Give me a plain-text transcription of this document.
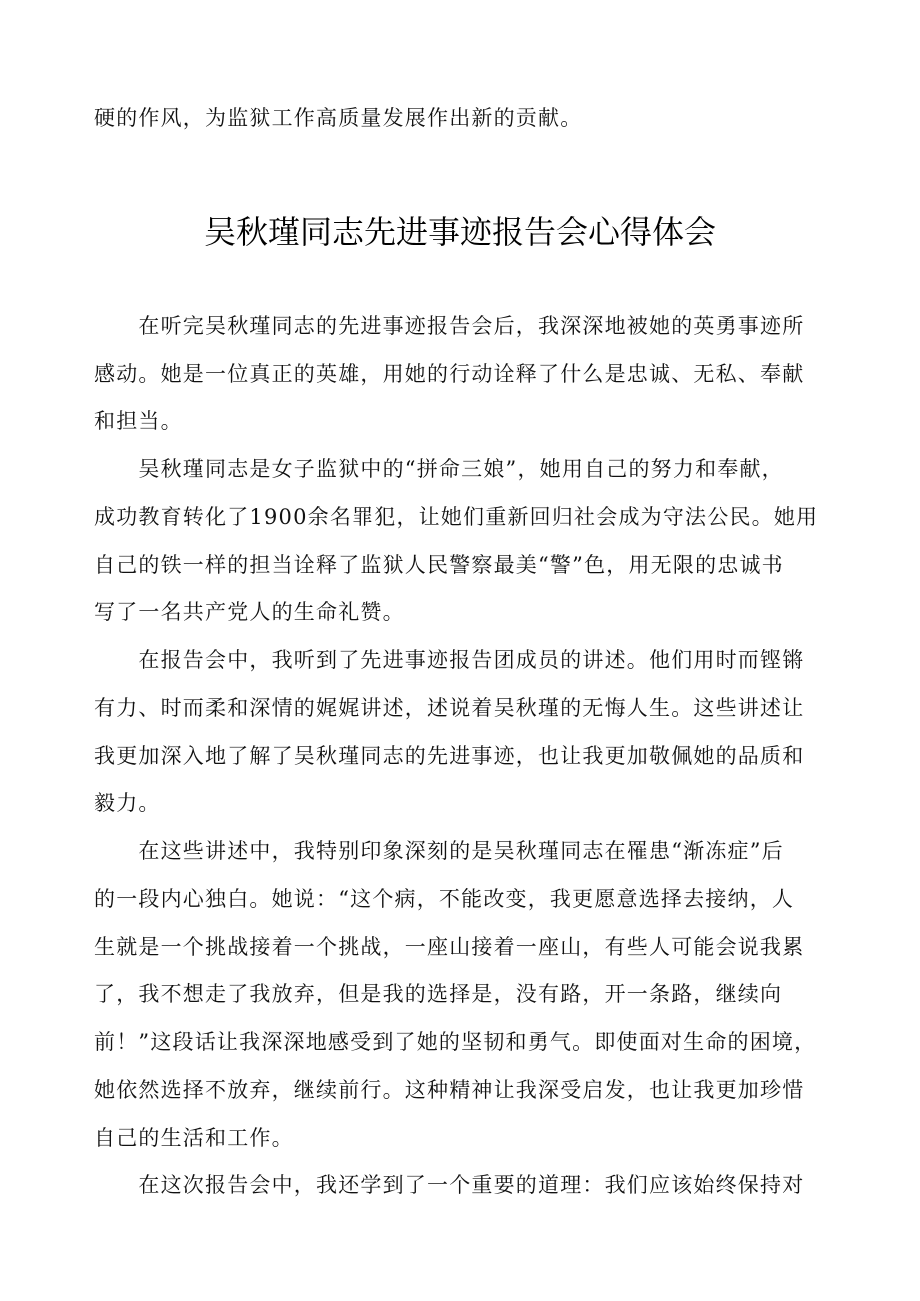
硬的作风，为监狱工作高质量发展作出新的贡献。
吴秋瑾同志先进事迹报告会心得体会
　　在听完吴秋瑾同志的先进事迹报告会后，我深深地被她的英勇事迹所
感动。她是一位真正的英雄，用她的行动诠释了什么是忠诚、无私、奉献
和担当。
　　吴秋瑾同志是女子监狱中的“拼命三娘”，她用自己的努力和奉献，
成功教育转化了1900余名罪犯，让她们重新回归社会成为守法公民。她用
自己的铁一样的担当诠释了监狱人民警察最美“警”色，用无限的忠诚书
写了一名共产党人的生命礼赞。
　　在报告会中，我听到了先进事迹报告团成员的讲述。他们用时而铿锵
有力、时而柔和深情的娓娓讲述，述说着吴秋瑾的无悔人生。这些讲述让
我更加深入地了解了吴秋瑾同志的先进事迹，也让我更加敬佩她的品质和
毅力。
　　在这些讲述中，我特别印象深刻的是吴秋瑾同志在罹患“渐冻症”后
的一段内心独白。她说：“这个病，不能改变，我更愿意选择去接纳，人
生就是一个挑战接着一个挑战，一座山接着一座山，有些人可能会说我累
了，我不想走了我放弃，但是我的选择是，没有路，开一条路，继续向
前！”这段话让我深深地感受到了她的坚韧和勇气。即使面对生命的困境，
她依然选择不放弃，继续前行。这种精神让我深受启发，也让我更加珍惜
自己的生活和工作。
　　在这次报告会中，我还学到了一个重要的道理：我们应该始终保持对
